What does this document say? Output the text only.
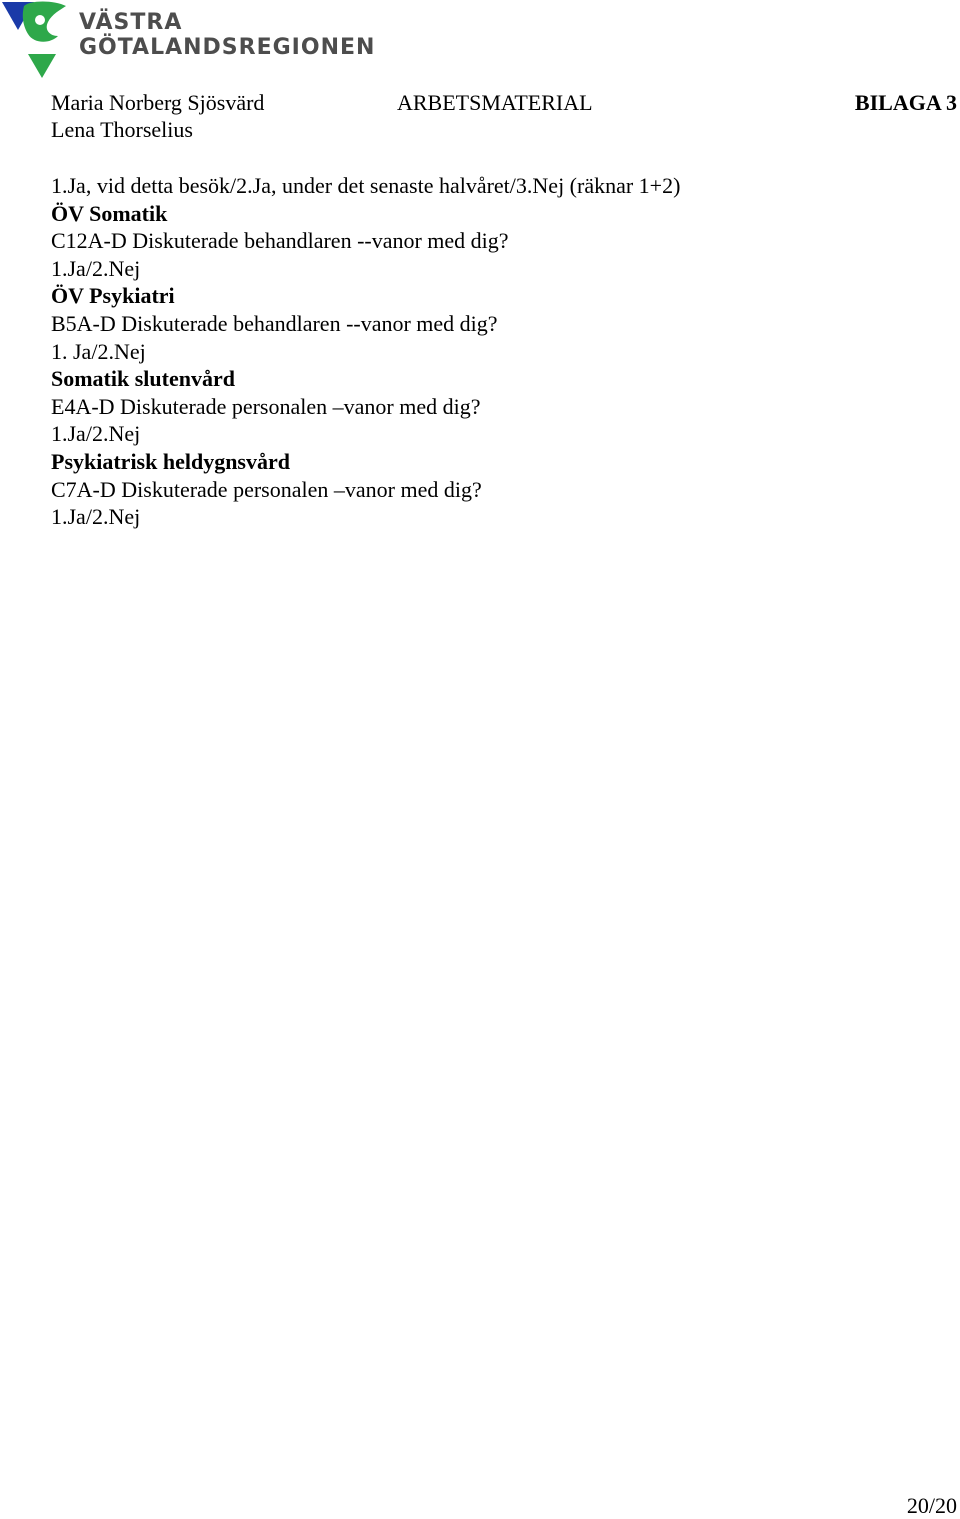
VÄSTRA
GÖTALANDSREGIONEN
Maria Norberg Sjösvärd	ARBETSMATERIAL	BILAGA 3
Lena Thorselius
1.Ja, vid detta besök/2.Ja, under det senaste halvåret/3.Nej (räknar 1+2)
ÖV Somatik
C12A-D Diskuterade behandlaren --vanor med dig?
1.Ja/2.Nej
ÖV Psykiatri
B5A-D Diskuterade behandlaren --vanor med dig?
1. Ja/2.Nej
Somatik slutenvård
E4A-D Diskuterade personalen –vanor med dig?
1.Ja/2.Nej
Psykiatrisk heldygnsvård
C7A-D Diskuterade personalen –vanor med dig?
1.Ja/2.Nej
20/20
